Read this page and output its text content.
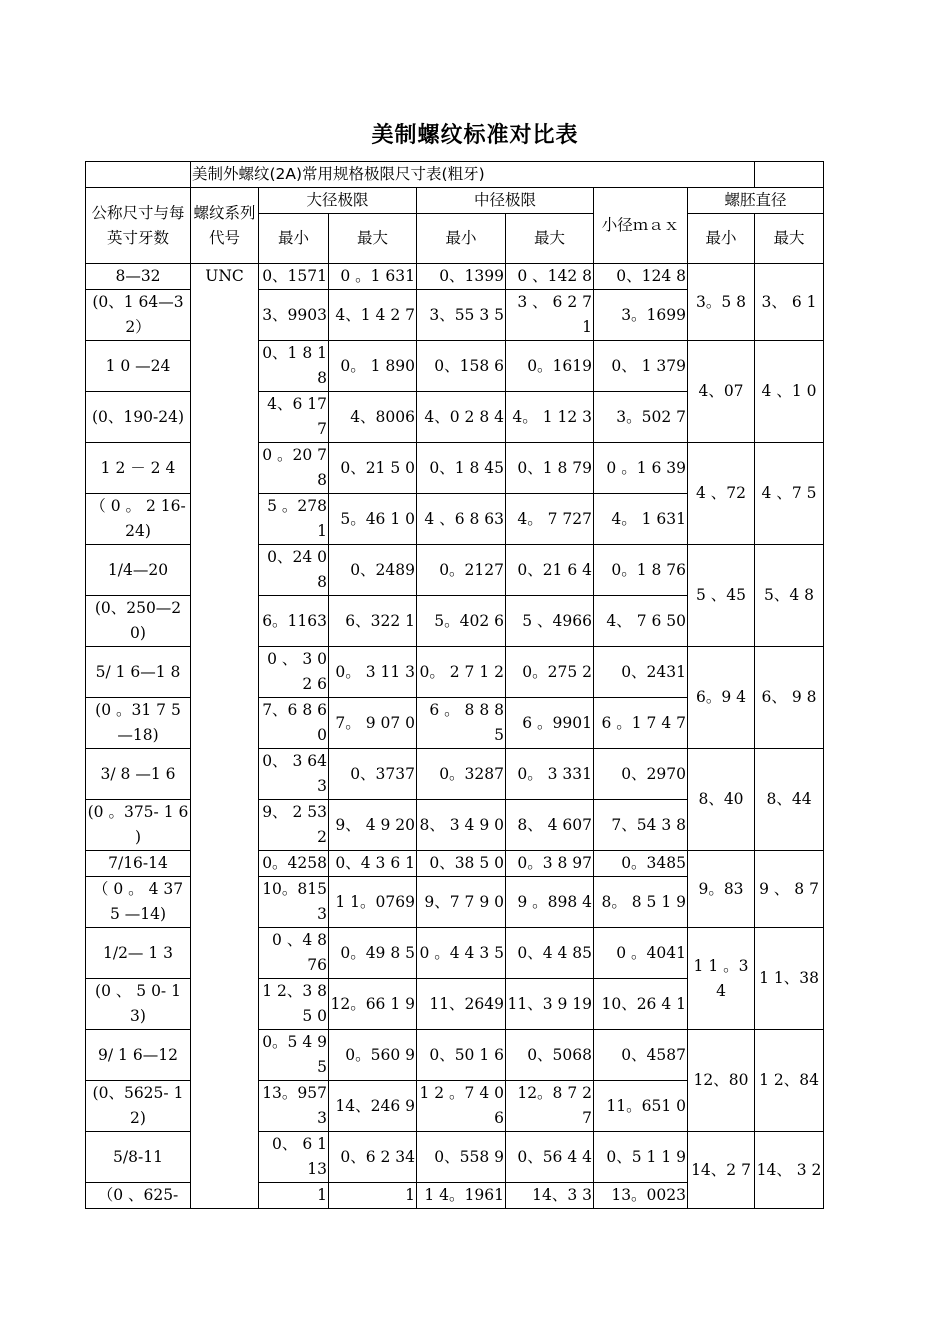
美制螺纹标准对比表
	美制外螺纹(2A)常用规格极限尺寸表(粗牙)							
公称尺寸与每英寸牙数	螺纹系列代号	大径极限		中径极限		小径ｍａｘ	螺胚直径	
		最小	最大	最小	最大		最小	最大
8—32	UNC	0、1571	0 。1 631	0、1399	0 、142 8	0、124 8	3。5 8	3、 6 1
(0、1 64—3 2）		3、9903	4、1 4 2 7	3、55 3 5	3 、 6 2 7 1	3。1699		
1 0 —24		0、1 8 1 8	0。 1 890	0、158 6	0。1619	0、 1 379	4、07	4 、1 0
(0、190-24)		4、6 177	4、8006	4、0 2 8 4	4。 1 12 3	3。502 7		
1 2 － 2 4		0 。20 7 8	0、21 5 0	0、1 8 45	0、1 8 79	0 。1 6 39	4 、72	4 、7 5
（ 0 。 2 16-24)		5 。278 1	5。46 1 0	4 、6 8 63	4。 7 727	4。 1 631		
1/4—20		0、24 0 8	0、2489	0。2127	0、21 6 4	0。1 8 76	5 、45	5、4 8
(0、250—20)		6。1163	6、322 1	5。402 6	5 、4966	4、 7 6 50		
5/ 1 6—1 8		0 、 3 02 6	0。 3 11 3	0。 2 7 1 2	0。275 2	0、2431	6。9 4	6、 9 8
(0 。31 7 5 —18)		7、6 8 60	7。 9 07 0	6 。 8 8 8 5	6 。9901	6 。1 7 4 7		
3/ 8 —1 6		0、 3 643	0、3737	0。3287	0。 3 331	0、2970	8、40	8、44
(0 。375- 1 6 )		9、 2 532	9、 4 9 20	8、 3 4 9 0	8、 4 607	7、54 3 8		
7/16-14		0。4258	0、4 3 6 1	0、38 5 0	0。3 8 97	0。3485	9。83	9 、 8 7
（ 0 。 4 37 5 —14)		10。815 3	1 1。0769	9、7 7 9 0	9 。898 4	8。 8 5 1 9		
1/2— 1 3		0 、4 8 76	0。49 8 5	0 。4 4 3 5	0、4 4 85	0 。4041	1 1 。34	1 1、38
(0 、 5 0- 1 3)		1 2、3 85 0	12。66 1 9	11、2649	11、3 9 19	10、26 4 1		
9/ 1 6—12		0。5 4 95	0。560 9	0、50 1 6	0、5068	0、4587	12、80	1 2、84
(0、5625- 1 2)		13。957 3	14、246 9	1 2 。7 4 06	12。8 7 2 7	11。651 0		
5/8-11		0、 6 1 13	0、6 2 34	0、558 9	0、56 4 4	0、5 1 1 9	14、2 7	14、 3 2
（0 、625-		1	1	1 4。1961	14、3 3	13。0023		
